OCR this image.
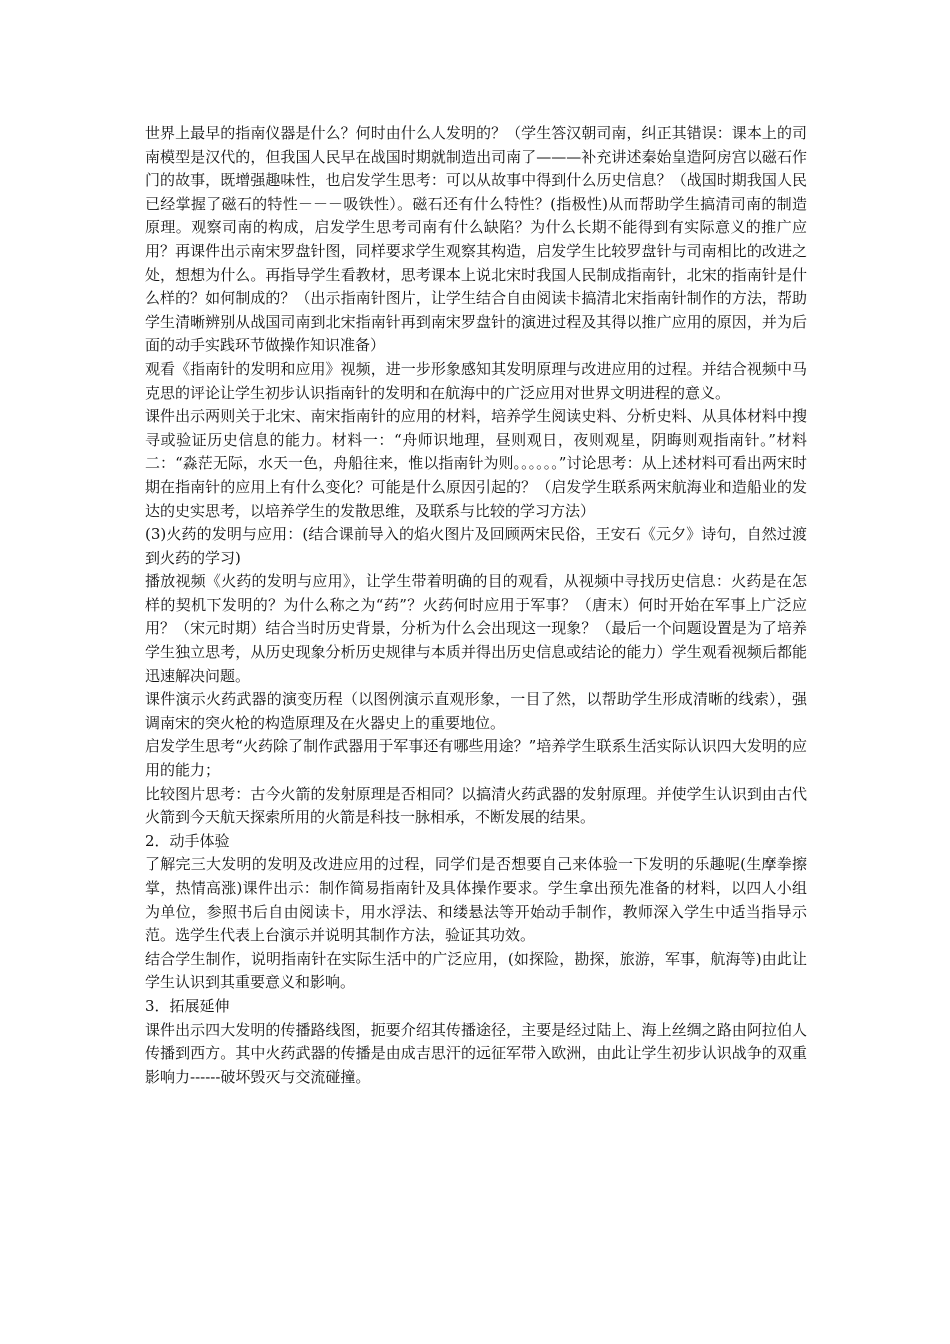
世界上最早的指南仪器是什么？何时由什么人发明的？（学生答汉朝司南，纠正其错误：课本上的司南模型是汉代的，但我国人民早在战国时期就制造出司南了———补充讲述秦始皇造阿房宫以磁石作门的故事，既增强趣味性，也启发学生思考：可以从故事中得到什么历史信息？（战国时期我国人民已经掌握了磁石的特性－－－吸铁性）。磁石还有什么特性？(指极性)从而帮助学生搞清司南的制造原理。观察司南的构成，启发学生思考司南有什么缺陷？为什么长期不能得到有实际意义的推广应用？再课件出示南宋罗盘针图，同样要求学生观察其构造，启发学生比较罗盘针与司南相比的改进之处，想想为什么。再指导学生看教材，思考课本上说北宋时我国人民制成指南针，北宋的指南针是什么样的？如何制成的？（出示指南针图片，让学生结合自由阅读卡搞清北宋指南针制作的方法，帮助学生清晰辨别从战国司南到北宋指南针再到南宋罗盘针的演进过程及其得以推广应用的原因，并为后面的动手实践环节做操作知识准备）

观看《指南针的发明和应用》视频，进一步形象感知其发明原理与改进应用的过程。并结合视频中马克思的评论让学生初步认识指南针的发明和在航海中的广泛应用对世界文明进程的意义。

课件出示两则关于北宋、南宋指南针的应用的材料，培养学生阅读史料、分析史料、从具体材料中搜寻或验证历史信息的能力。材料一：“舟师识地理，昼则观日，夜则观星，阴晦则观指南针。”材料二：“淼茫无际，水天一色，舟船往来，惟以指南针为则。。。。。。”讨论思考：从上述材料可看出两宋时期在指南针的应用上有什么变化？可能是什么原因引起的？（启发学生联系两宋航海业和造船业的发达的史实思考，以培养学生的发散思维，及联系与比较的学习方法）

(3)火药的发明与应用：(结合课前导入的焰火图片及回顾两宋民俗，王安石《元夕》诗句，自然过渡到火药的学习)

播放视频《火药的发明与应用》，让学生带着明确的目的观看，从视频中寻找历史信息：火药是在怎样的契机下发明的？为什么称之为“药”？火药何时应用于军事？（唐末）何时开始在军事上广泛应用？（宋元时期）结合当时历史背景，分析为什么会出现这一现象？（最后一个问题设置是为了培养学生独立思考，从历史现象分析历史规律与本质并得出历史信息或结论的能力）学生观看视频后都能迅速解决问题。

课件演示火药武器的演变历程（以图例演示直观形象，一目了然，以帮助学生形成清晰的线索），强调南宋的突火枪的构造原理及在火器史上的重要地位。

启发学生思考“火药除了制作武器用于军事还有哪些用途？”培养学生联系生活实际认识四大发明的应用的能力；

比较图片思考：古今火箭的发射原理是否相同？以搞清火药武器的发射原理。并使学生认识到由古代火箭到今天航天探索所用的火箭是科技一脉相承，不断发展的结果。

2．动手体验

了解完三大发明的发明及改进应用的过程，同学们是否想要自己来体验一下发明的乐趣呢(生摩拳擦掌，热情高涨)课件出示：制作简易指南针及具体操作要求。学生拿出预先准备的材料，以四人小组为单位，参照书后自由阅读卡，用水浮法、和缕悬法等开始动手制作，教师深入学生中适当指导示范。选学生代表上台演示并说明其制作方法，验证其功效。

结合学生制作，说明指南针在实际生活中的广泛应用，(如探险，勘探，旅游，军事，航海等)由此让学生认识到其重要意义和影响。

3．拓展延伸

课件出示四大发明的传播路线图，扼要介绍其传播途径，主要是经过陆上、海上丝绸之路由阿拉伯人传播到西方。其中火药武器的传播是由成吉思汗的远征军带入欧洲，由此让学生初步认识战争的双重影响力------破坏毁灭与交流碰撞。
